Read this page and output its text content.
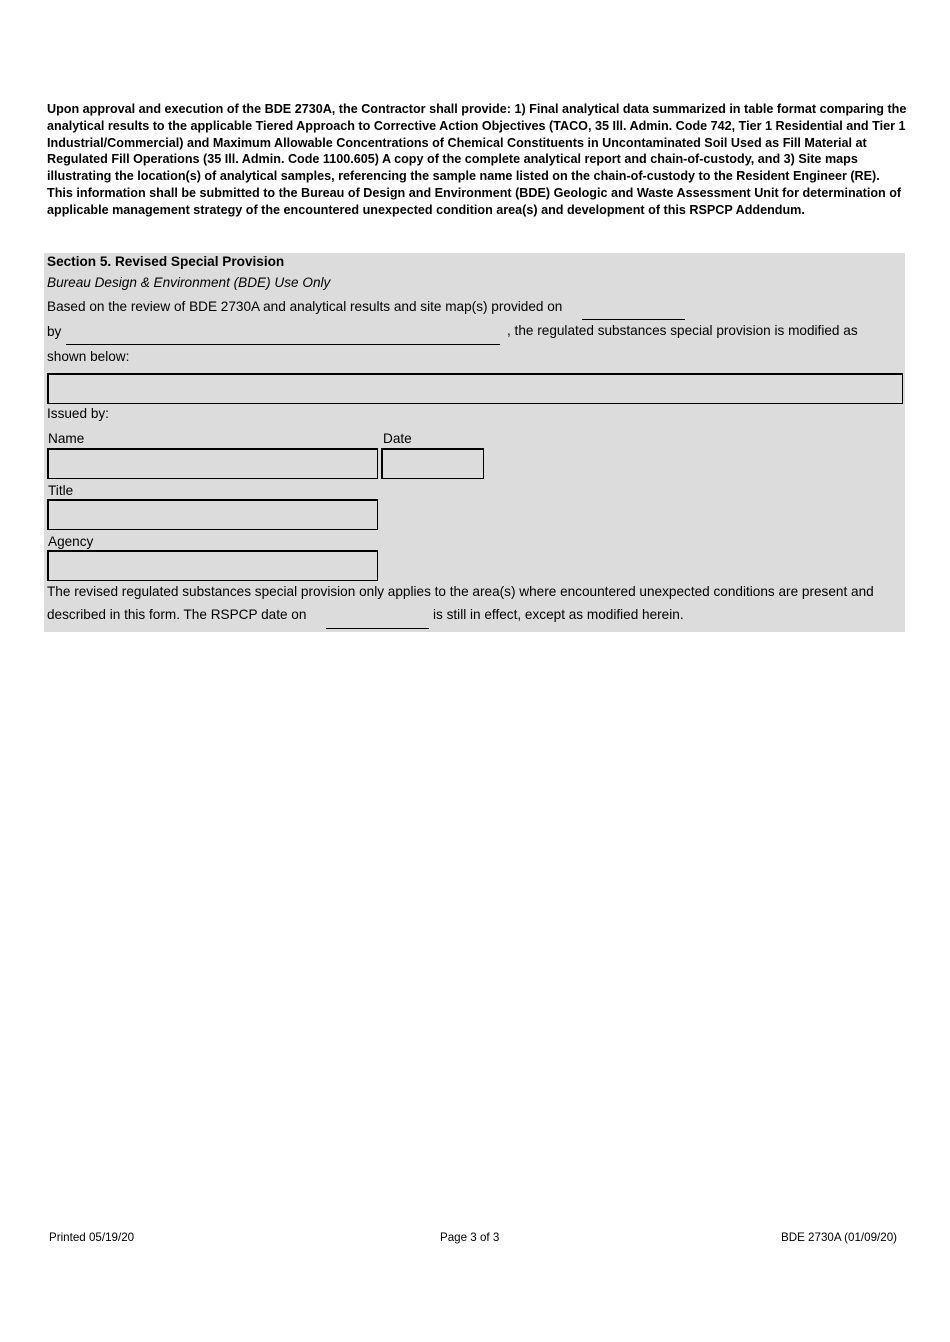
Upon approval and execution of the BDE 2730A, the Contractor shall provide: 1) Final analytical data summarized in table format comparing the analytical results to the applicable Tiered Approach to Corrective Action Objectives (TACO, 35 Ill. Admin. Code 742, Tier 1 Residential and Tier 1 Industrial/Commercial) and Maximum Allowable Concentrations of Chemical Constituents in Uncontaminated Soil Used as Fill Material at Regulated Fill Operations (35 Ill. Admin. Code 1100.605) A copy of the complete analytical report and chain-of-custody, and 3) Site maps illustrating the location(s) of analytical samples, referencing the sample name listed on the chain-of-custody to the Resident Engineer (RE). This information shall be submitted to the Bureau of Design and Environment (BDE) Geologic and Waste Assessment Unit for determination of applicable management strategy of the encountered unexpected condition area(s) and development of this RSPCP Addendum.
Section 5. Revised Special Provision
Bureau Design & Environment (BDE) Use Only
Based on the review of BDE 2730A and analytical results and site map(s) provided on
by	, the regulated substances special provision is modified as
shown below:
Issued by:
Name	Date
Title
Agency
The revised regulated substances special provision only applies to the area(s) where encountered unexpected conditions are present and
described in this form. The RSPCP date on	is still in effect, except as modified herein.
Printed 05/19/20	Page 3 of 3	BDE 2730A (01/09/20)
